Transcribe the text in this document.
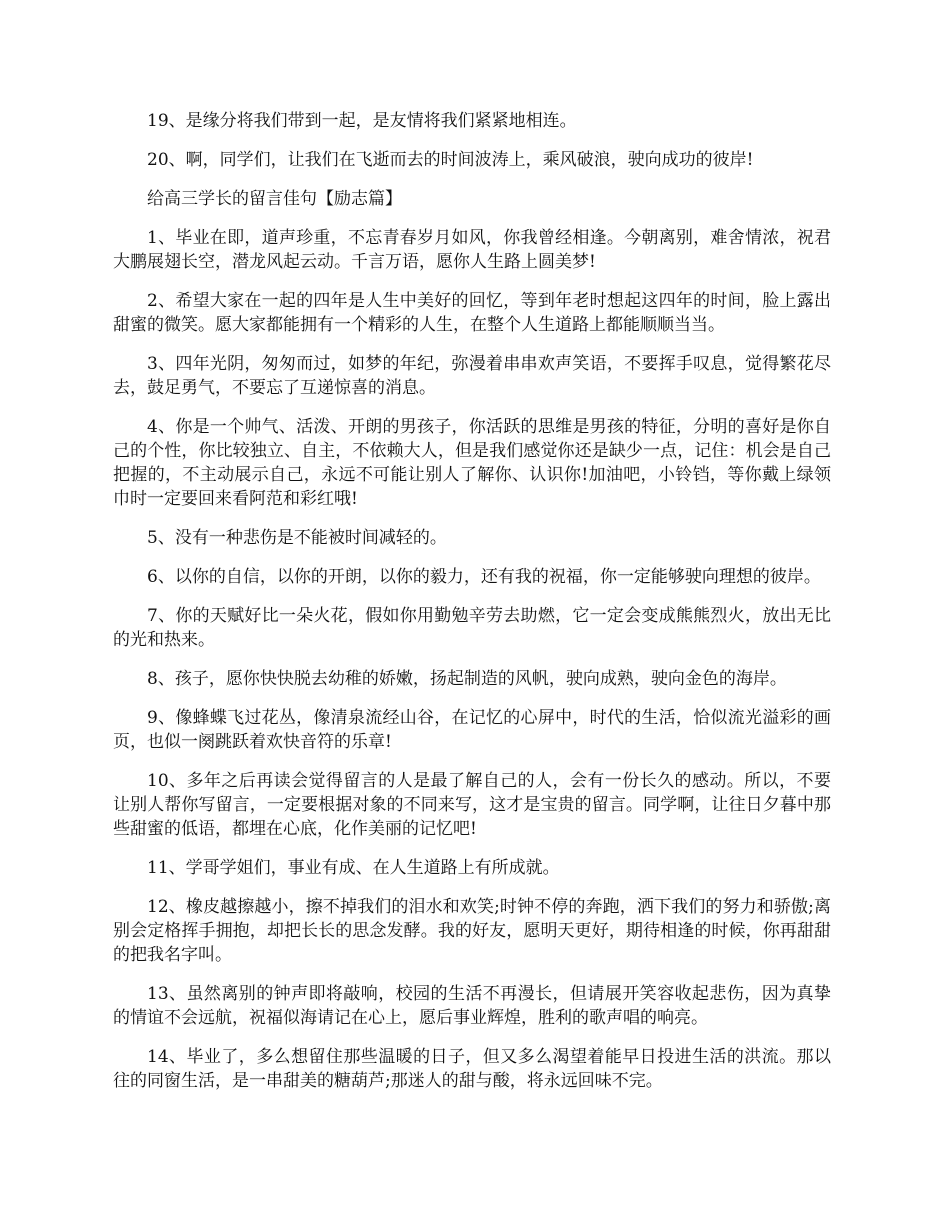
19、是缘分将我们带到一起，是友情将我们紧紧地相连。

20、啊，同学们，让我们在飞逝而去的时间波涛上，乘风破浪，驶向成功的彼岸!

给高三学长的留言佳句【励志篇】

1、毕业在即，道声珍重，不忘青春岁月如风，你我曾经相逢。今朝离别，难舍情浓，祝君大鹏展翅长空，潜龙风起云动。千言万语，愿你人生路上圆美梦!

2、希望大家在一起的四年是人生中美好的回忆，等到年老时想起这四年的时间，脸上露出甜蜜的微笑。愿大家都能拥有一个精彩的人生，在整个人生道路上都能顺顺当当。

3、四年光阴，匆匆而过，如梦的年纪，弥漫着串串欢声笑语，不要挥手叹息，觉得繁花尽去，鼓足勇气，不要忘了互递惊喜的消息。

4、你是一个帅气、活泼、开朗的男孩子，你活跃的思维是男孩的特征，分明的喜好是你自己的个性，你比较独立、自主，不依赖大人，但是我们感觉你还是缺少一点，记住：机会是自己把握的，不主动展示自己，永远不可能让别人了解你、认识你!加油吧，小铃铛，等你戴上绿领巾时一定要回来看阿范和彩红哦!

5、没有一种悲伤是不能被时间减轻的。

6、以你的自信，以你的开朗，以你的毅力，还有我的祝福，你一定能够驶向理想的彼岸。

7、你的天赋好比一朵火花，假如你用勤勉辛劳去助燃，它一定会变成熊熊烈火，放出无比的光和热来。

8、孩子，愿你快快脱去幼稚的娇嫩，扬起制造的风帆，驶向成熟，驶向金色的海岸。

9、像蜂蝶飞过花丛，像清泉流经山谷，在记忆的心屏中，时代的生活，恰似流光溢彩的画页，也似一阕跳跃着欢快音符的乐章!

10、多年之后再读会觉得留言的人是最了解自己的人，会有一份长久的感动。所以，不要让别人帮你写留言，一定要根据对象的不同来写，这才是宝贵的留言。同学啊，让往日夕暮中那些甜蜜的低语，都埋在心底，化作美丽的记忆吧!

11、学哥学姐们，事业有成、在人生道路上有所成就。

12、橡皮越擦越小，擦不掉我们的泪水和欢笑;时钟不停的奔跑，洒下我们的努力和骄傲;离别会定格挥手拥抱，却把长长的思念发酵。我的好友，愿明天更好，期待相逢的时候，你再甜甜的把我名字叫。

13、虽然离别的钟声即将敲响，校园的生活不再漫长，但请展开笑容收起悲伤，因为真挚的情谊不会远航，祝福似海请记在心上，愿后事业辉煌，胜利的歌声唱的响亮。

14、毕业了，多么想留住那些温暖的日子，但又多么渴望着能早日投进生活的洪流。那以往的同窗生活，是一串甜美的糖葫芦;那迷人的甜与酸，将永远回味不完。
